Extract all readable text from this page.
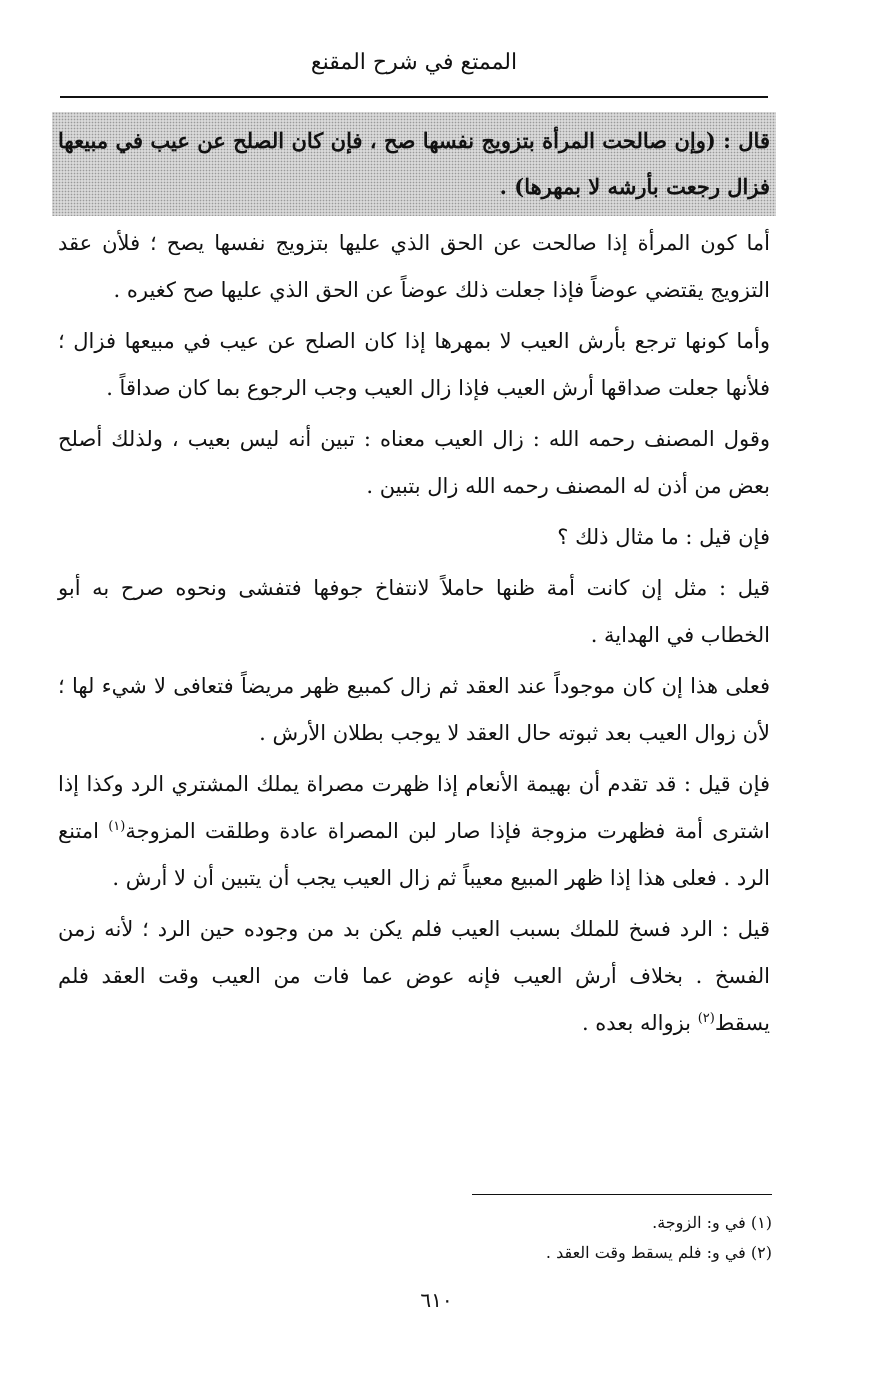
الممتع في شرح المقنع

قال : (وإن صالحت المرأة بتزويج نفسها صح ، فإن كان الصلح عن عيب في مبيعها فزال رجعت بأرشه لا بمهرها) .

أما كون المرأة إذا صالحت عن الحق الذي عليها بتزويج نفسها يصح ؛ فلأن عقد التزويج يقتضي عوضاً فإذا جعلت ذلك عوضاً عن الحق الذي عليها صح كغيره .

وأما كونها ترجع بأرش العيب لا بمهرها إذا كان الصلح عن عيب في مبيعها فزال ؛ فلأنها جعلت صداقها أرش العيب فإذا زال العيب وجب الرجوع بما كان صداقاً .

وقول المصنف رحمه الله : زال العيب معناه : تبين أنه ليس بعيب ، ولذلك أصلح بعض من أذن له المصنف رحمه الله زال بتبين .

فإن قيل : ما مثال ذلك ؟

قيل : مثل إن كانت أمة ظنها حاملاً لانتفاخ جوفها فتفشى ونحوه صرح به أبو الخطاب في الهداية .

فعلى هذا إن كان موجوداً عند العقد ثم زال كمبيع ظهر مريضاً فتعافى لا شيء لها ؛ لأن زوال العيب بعد ثبوته حال العقد لا يوجب بطلان الأرش .

فإن قيل : قد تقدم أن بهيمة الأنعام إذا ظهرت مصراة يملك المشتري الرد وكذا إذا اشترى أمة فظهرت مزوجة فإذا صار لبن المصراة عادة وطلقت المزوجة$^{(١)}$ امتنع الرد . فعلى هذا إذا ظهر المبيع معيباً ثم زال العيب يجب أن يتبين أن لا أرش .

قيل : الرد فسخ للملك بسبب العيب فلم يكن بد من وجوده حين الرد ؛ لأنه زمن الفسخ . بخلاف أرش العيب فإنه عوض عما فات من العيب وقت العقد فلم يسقط$^{(٢)}$ بزواله بعده .

(١) في و: الزوجة.

(٢) في و: فلم يسقط وقت العقد .

٦١٠
